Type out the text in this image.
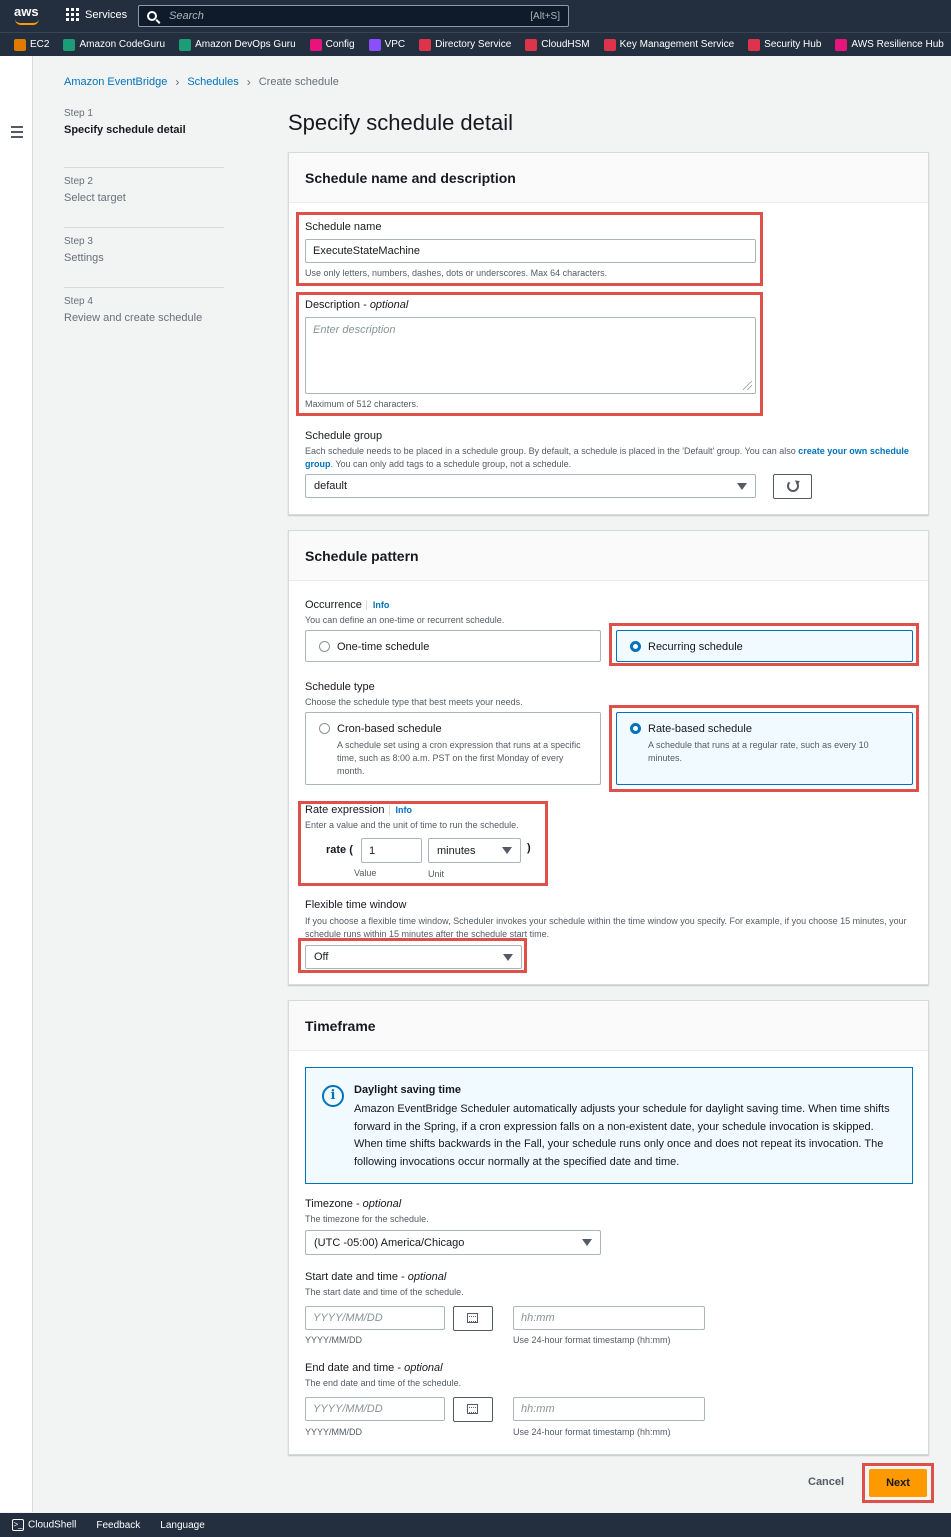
aws	Services	Search	[Alt+S]
EC2	Amazon CodeGuru	Amazon DevOps Guru	Config	VPC	Directory Service	CloudHSM	Key Management Service	Security Hub	AWS Resilience Hub
Amazon EventBridge › Schedules › Create schedule
Step 1
Specify schedule detail
Step 2
Select target
Step 3
Settings
Step 4
Review and create schedule
Specify schedule detail
Schedule name and description
Schedule name
ExecuteStateMachine
Use only letters, numbers, dashes, dots or underscores. Max 64 characters.
Description - optional
Enter description
Maximum of 512 characters.
Schedule group
Each schedule needs to be placed in a schedule group. By default, a schedule is placed in the 'Default' group. You can also create your own schedule group. You can only add tags to a schedule group, not a schedule.
default
Schedule pattern
Occurrence Info
You can define an one-time or recurrent schedule.
One-time schedule	Recurring schedule
Schedule type
Choose the schedule type that best meets your needs.
Cron-based schedule
A schedule set using a cron expression that runs at a specific time, such as 8:00 a.m. PST on the first Monday of every month.
Rate-based schedule
A schedule that runs at a regular rate, such as every 10 minutes.
Rate expression Info
Enter a value and the unit of time to run the schedule.
rate (	1	minutes	)
Value	Unit
Flexible time window
If you choose a flexible time window, Scheduler invokes your schedule within the time window you specify. For example, if you choose 15 minutes, your schedule runs within 15 minutes after the schedule start time.
Off
Timeframe
i	Daylight saving time
Amazon EventBridge Scheduler automatically adjusts your schedule for daylight saving time. When time shifts forward in the Spring, if a cron expression falls on a non-existent date, your schedule invocation is skipped. When time shifts backwards in the Fall, your schedule runs only once and does not repeat its invocation. The following invocations occur normally at the specified date and time.
Timezone - optional
The timezone for the schedule.
(UTC -05:00) America/Chicago
Start date and time - optional
The start date and time of the schedule.
YYYY/MM/DD	hh:mm
YYYY/MM/DD	Use 24-hour format timestamp (hh:mm)
End date and time - optional
The end date and time of the schedule.
YYYY/MM/DD	hh:mm
YYYY/MM/DD	Use 24-hour format timestamp (hh:mm)
Cancel	Next
>_ CloudShell Feedback Language
